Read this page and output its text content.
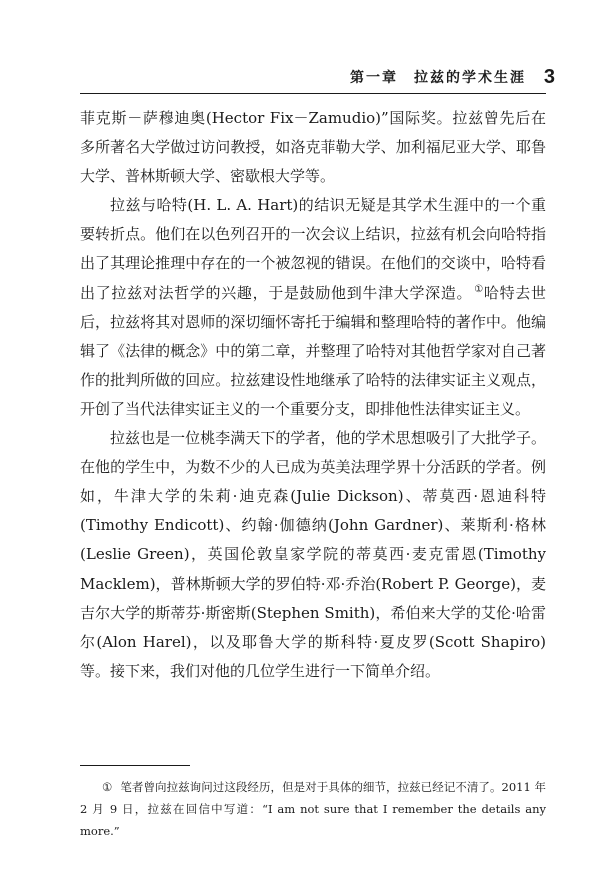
第一章　拉兹的学术生涯 3

菲克斯－萨穆迪奥(Hector Fix－Zamudio)”国际奖。拉兹曾先后在多所著名大学做过访问教授，如洛克菲勒大学、加利福尼亚大学、耶鲁大学、普林斯顿大学、密歇根大学等。

拉兹与哈特(H. L. A. Hart)的结识无疑是其学术生涯中的一个重要转折点。他们在以色列召开的一次会议上结识，拉兹有机会向哈特指出了其理论推理中存在的一个被忽视的错误。在他们的交谈中，哈特看出了拉兹对法哲学的兴趣，于是鼓励他到牛津大学深造。 ①哈特去世后，拉兹将其对恩师的深切缅怀寄托于编辑和整理哈特的著作中。他编辑了《法律的概念》中的第二章，并整理了哈特对其他哲学家对自己著作的批判所做的回应。拉兹建设性地继承了哈特的法律实证主义观点，开创了当代法律实证主义的一个重要分支，即排他性法律实证主义。

拉兹也是一位桃李满天下的学者，他的学术思想吸引了大批学子。在他的学生中，为数不少的人已成为英美法理学界十分活跃的学者。例如，牛津大学的朱莉·迪克森(Julie Dickson)、蒂莫西·恩迪科特(Timothy Endicott)、约翰·伽德纳(John Gardner)、莱斯利·格林(Leslie Green)，英国伦敦皇家学院的蒂莫西·麦克雷恩(Timothy Macklem)，普林斯顿大学的罗伯特·邓·乔治(Robert P. George)，麦吉尔大学的斯蒂芬·斯密斯(Stephen Smith)，希伯来大学的艾伦·哈雷尔(Alon Harel)，以及耶鲁大学的斯科特·夏皮罗(Scott Shapiro)等。接下来，我们对他的几位学生进行一下简单介绍。

① 笔者曾向拉兹询问过这段经历，但是对于具体的细节，拉兹已经记不清了。2011 年 2 月 9 日，拉兹在回信中写道：“I am not sure that I remember the details any more.”
